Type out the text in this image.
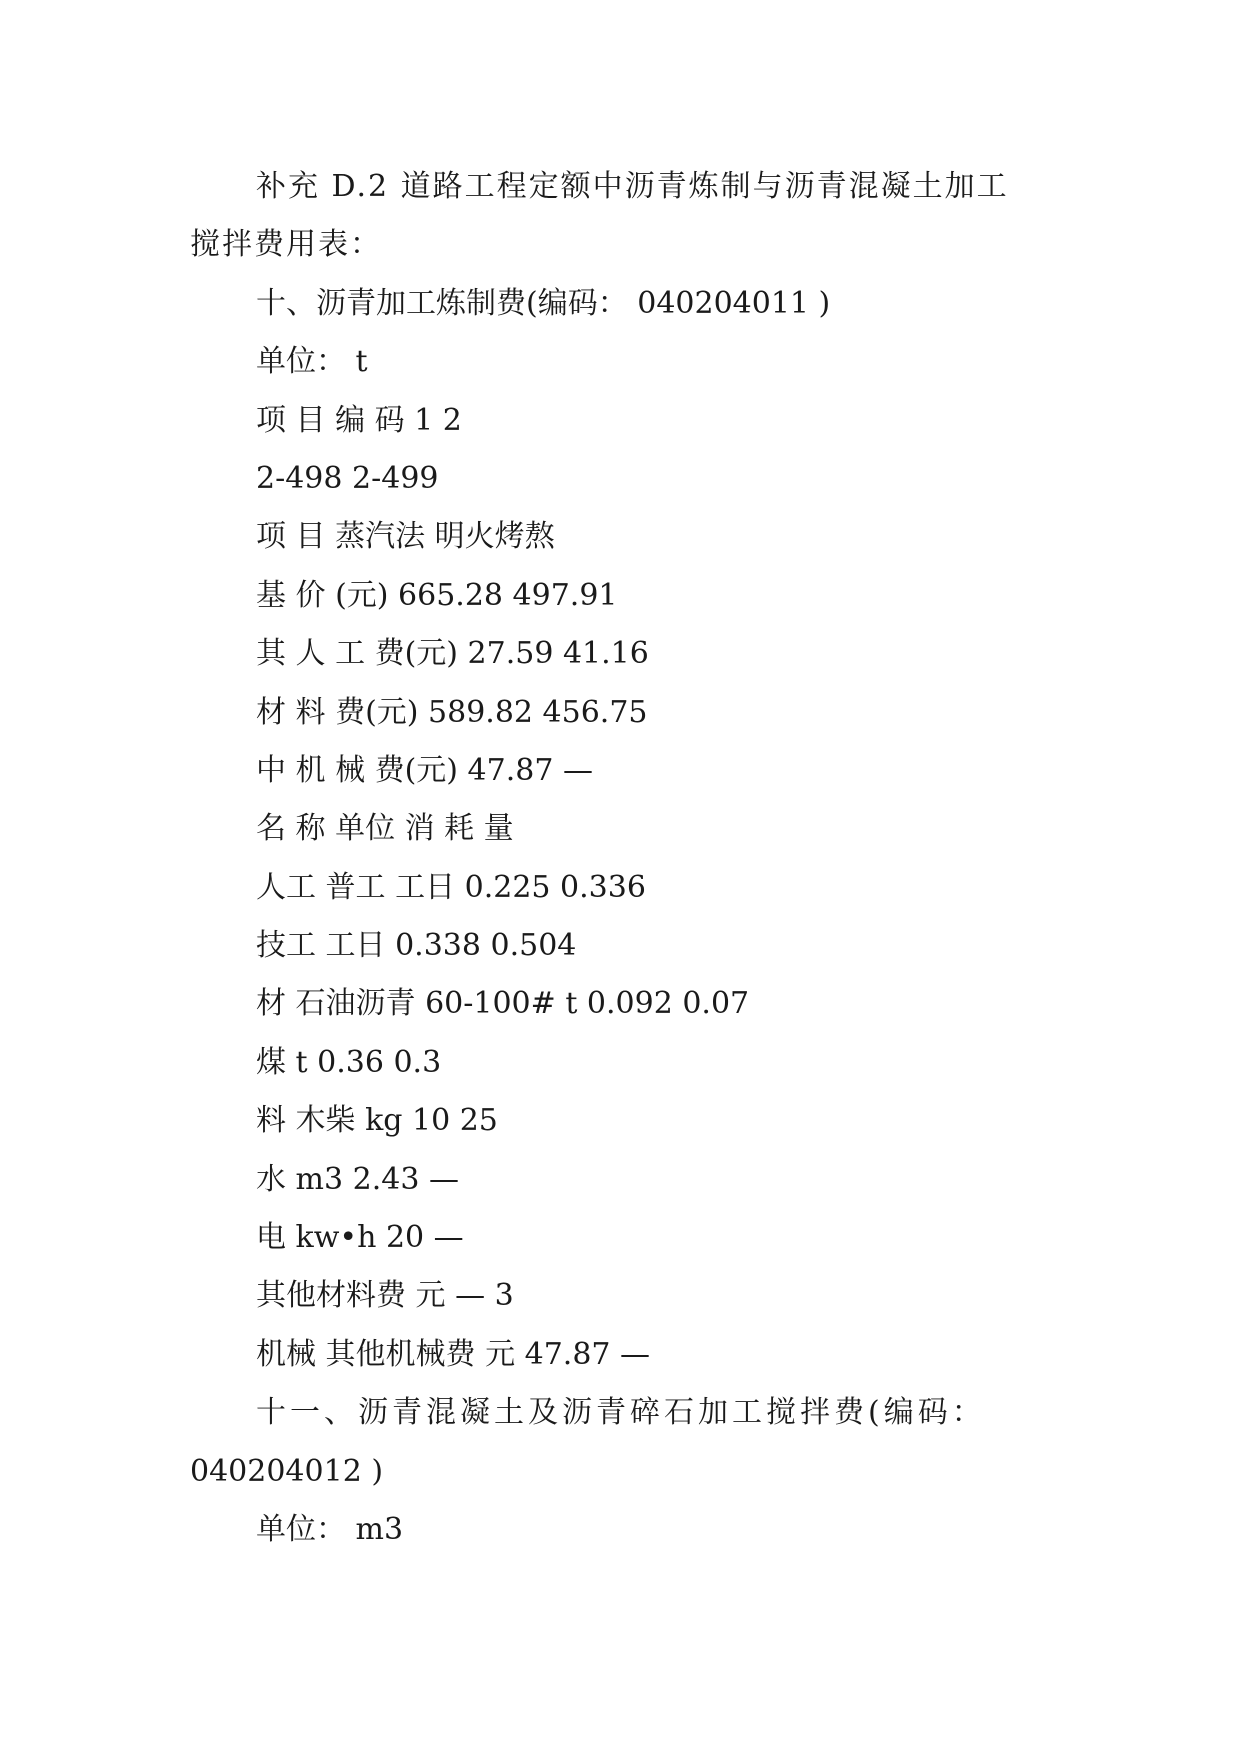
补充 D.2 道路工程定额中沥青炼制与沥青混凝土加工
搅拌费用表：
十、沥青加工炼制费(编码： 040204011 )
单位： t
项 目 编 码 1 2
2-498 2-499
项 目 蒸汽法 明火烤熬
基 价 (元) 665.28 497.91
其 人 工 费(元) 27.59 41.16
材 料 费(元) 589.82 456.75
中 机 械 费(元) 47.87 —
名 称 单位 消 耗 量
人工 普工 工日 0.225 0.336
技工 工日 0.338 0.504
材 石油沥青 60-100# t 0.092 0.07
煤 t 0.36 0.3
料 木柴 kg 10 25
水 m3 2.43 —
电 kw•h 20 —
其他材料费 元 — 3
机械 其他机械费 元 47.87 —
十一、沥青混凝土及沥青碎石加工搅拌费(编码：
040204012 )
单位： m3
